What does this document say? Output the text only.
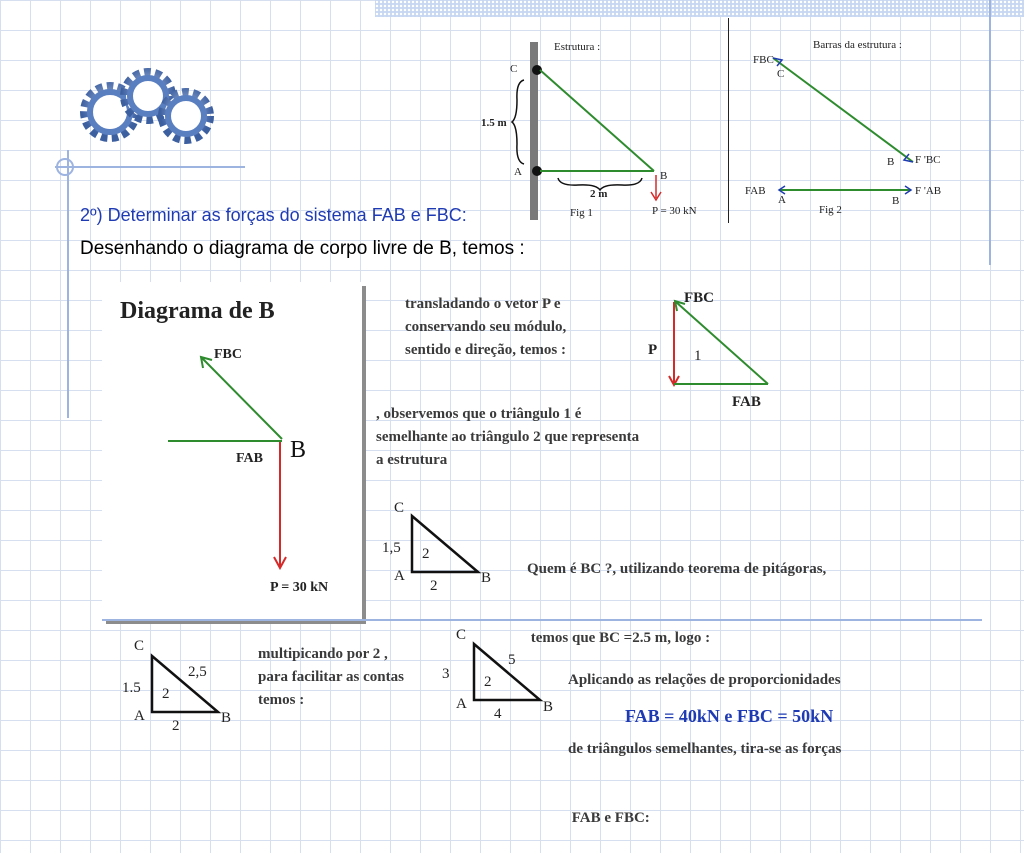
2º) Determinar as forças do sistema FAB e FBC:
Desenhando o diagrama de corpo livre de B, temos :
Estrutura :
C
A	B
1.5 m
2 m
Fig 1	P = 30 kN
Barras da estrutura :
FBC
C
B F 'BC
FAB	F 'AB
A	B
Fig 2
Diagrama de B
FBC
FAB B
P = 30 kN
transladando o vetor P e
conservando seu módulo,
sentido e direção, temos :
FBC
P 1
FAB
, observemos que o triângulo 1 é
semelhante ao triângulo 2 que representa
a estrutura
C
1,5 2
A
2	B

Quem é BC ?, utilizando teorema de pitágoras,

temos que BC =2.5 m, logo :

C
2,5
1.5 2
A
2	B
multipicando por 2 ,
para facilitar as contas
temos :
C
5
3 2
A
4	B

Aplicando as relações de proporcionidades

de triângulos semelhantes, tira-se as forças

FAB e FBC:

FAB = 40kN e FBC = 50kN
